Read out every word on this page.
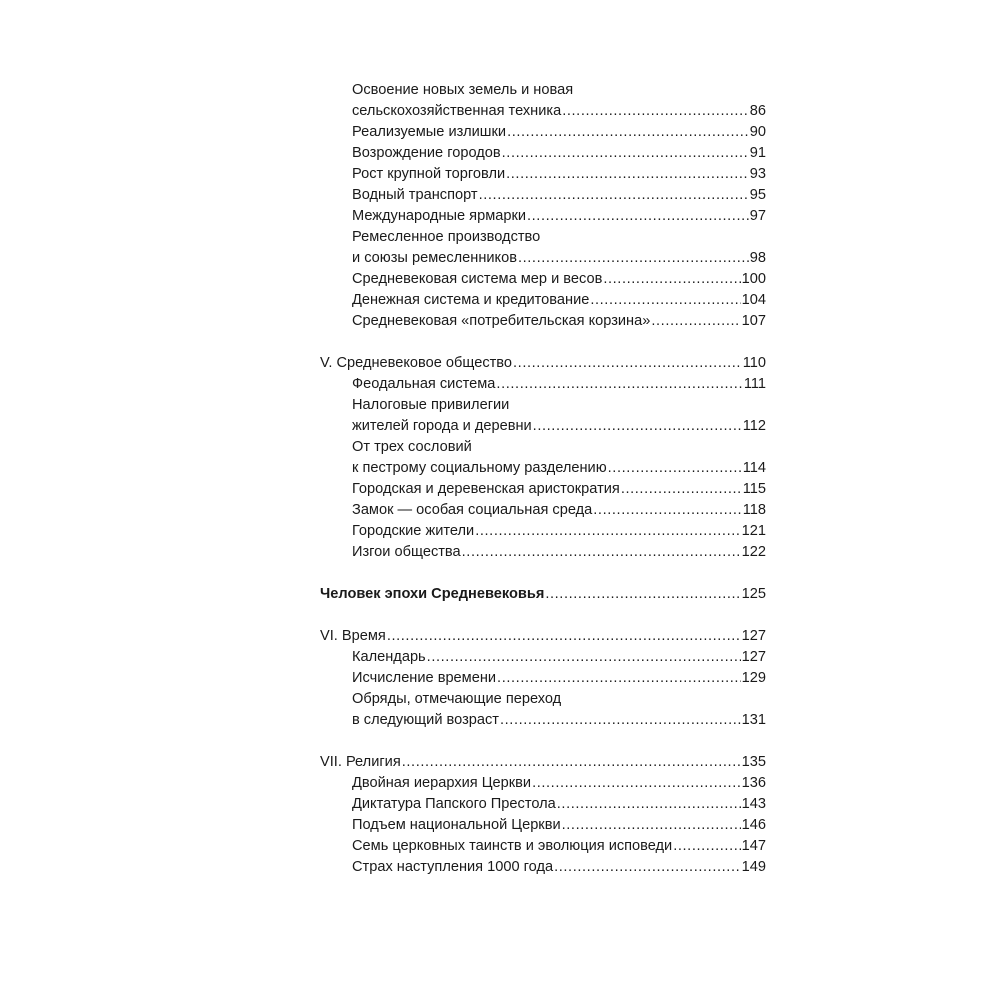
Освоение новых земель и новая
сельскохозяйственная техника .....	86
Реализуемые излишки .....	90
Возрождение городов .....	91
Рост крупной торговли .....	93
Водный транспорт .....	95
Международные ярмарки .....	97
Ремесленное производство
и союзы ремесленников .....	98
Средневековая система мер и весов .....	100
Денежная система и кредитование .....	104
Средневековая «потребительская корзина» .....	107
V. Средневековое общество .....	110
Феодальная система .....	111
Налоговые привилегии
жителей города и деревни .....	112
От трех сословий
к пестрому социальному разделению .....	114
Городская и деревенская аристократия .....	115
Замок — особая социальная среда .....	118
Городские жители .....	121
Изгои общества .....	122
Человек эпохи Средневековья .....	125
VI. Время .....	127
Календарь .....	127
Исчисление времени .....	129
Обряды, отмечающие переход
в следующий возраст .....	131
VII. Религия .....	135
Двойная иерархия Церкви .....	136
Диктатура Папского Престола .....	143
Подъем национальной Церкви .....	146
Семь церковных таинств и эволюция исповеди .....	147
Страх наступления 1000 года .....	149
